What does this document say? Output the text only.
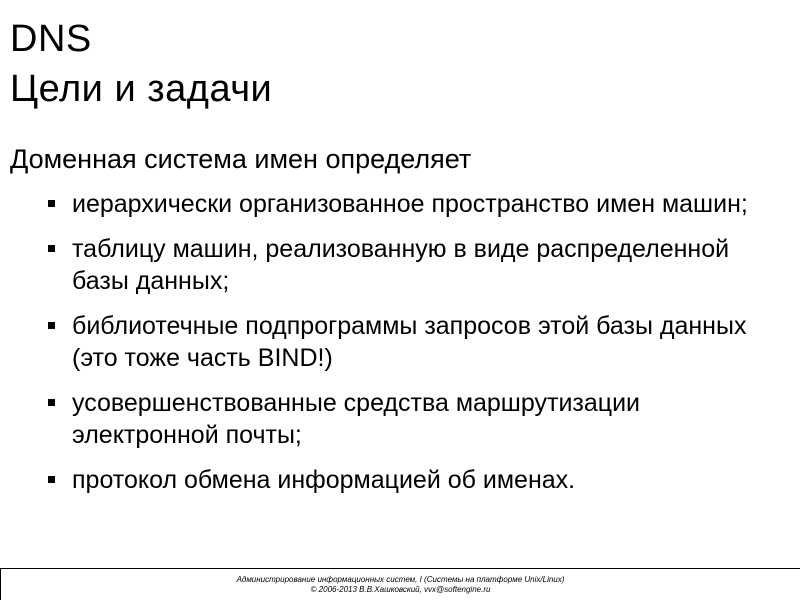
DNS
Цели и задачи

Доменная система имен определяет

иерархически организованное пространство имен машин;
таблицу машин, реализованную в виде распределенной базы данных;
библиотечные подпрограммы запросов этой базы данных (это тоже часть BIND!)
усовершенствованные средства маршрутизации электронной почты;
протокол обмена информацией об именах.
Администрирование информационных систем, I (Системы на платформе Unix/Linux)
© 2006-2013 В.В.Хашковский, vvx@softengine.ru
